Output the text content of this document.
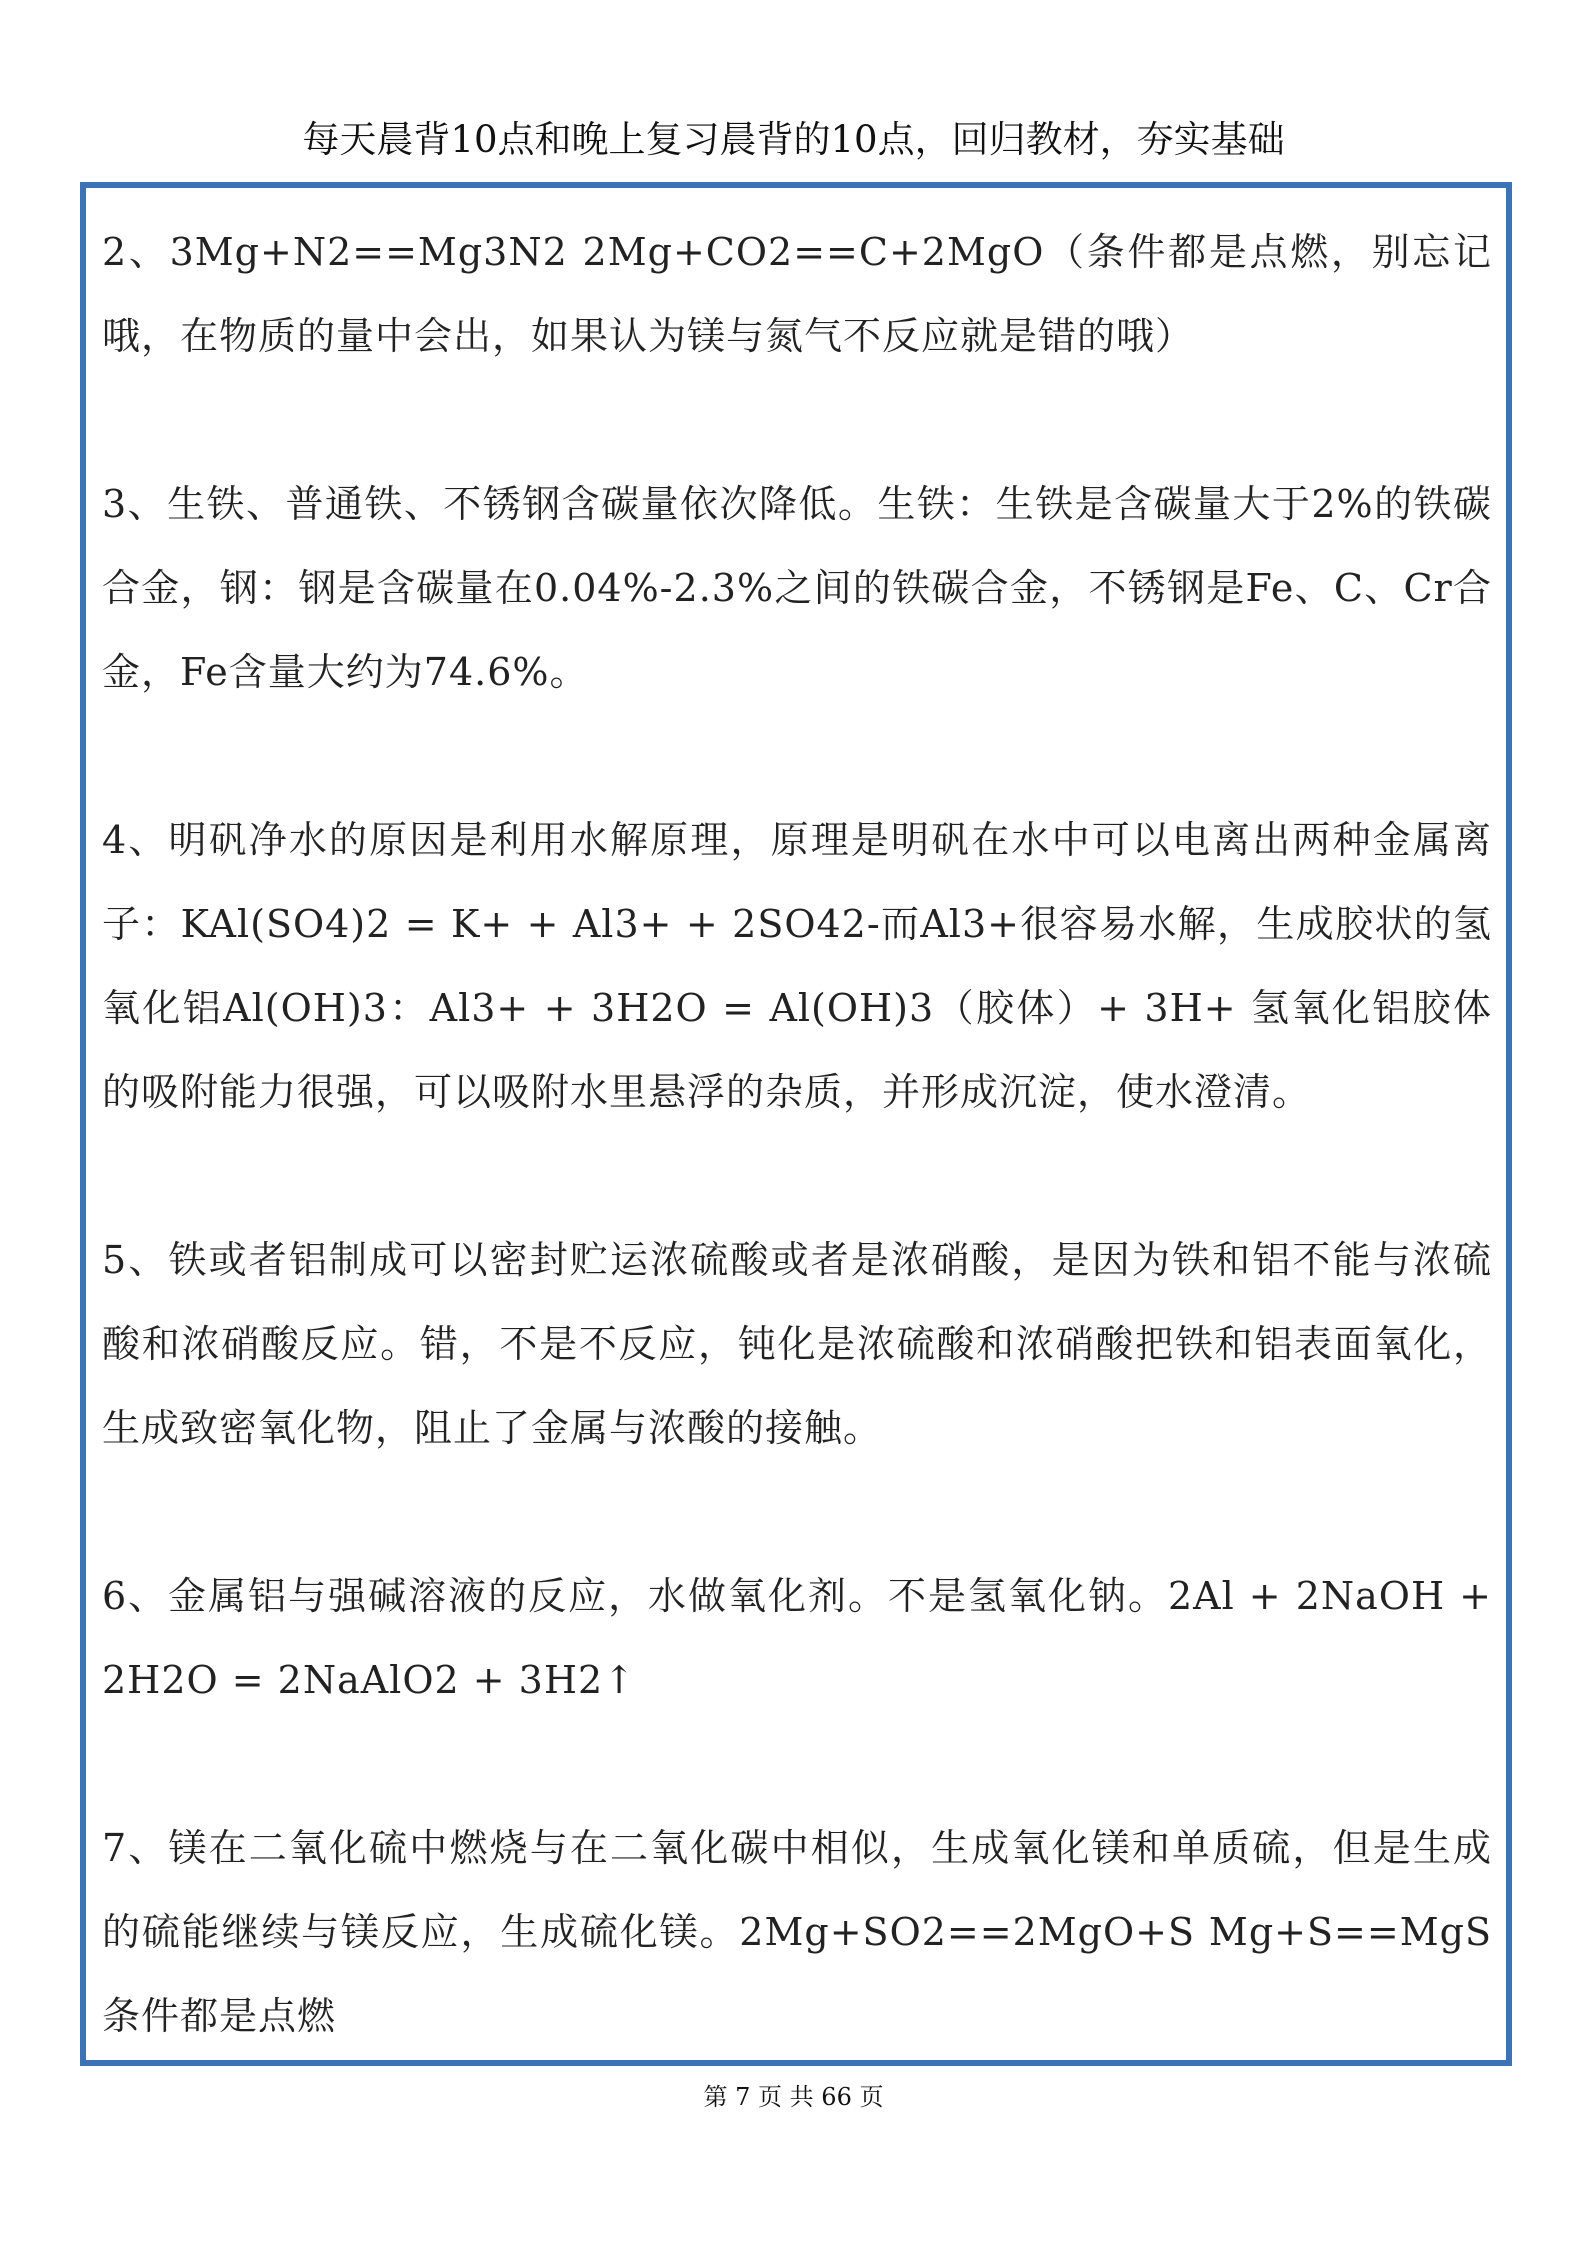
每天晨背10点和晚上复习晨背的10点，回归教材，夯实基础

2、3Mg+N2==Mg3N2 2Mg+CO2==C+2MgO（条件都是点燃，别忘记哦，在物质的量中会出，如果认为镁与氮气不反应就是错的哦）

3、生铁、普通铁、不锈钢含碳量依次降低。生铁：生铁是含碳量大于2%的铁碳合金，钢：钢是含碳量在0.04%-2.3%之间的铁碳合金，不锈钢是Fe、C、Cr合金，Fe含量大约为74.6%。

4、明矾净水的原因是利用水解原理，原理是明矾在水中可以电离出两种金属离子：KAl(SO4)2 = K+ + Al3+ + 2SO42-而Al3+很容易水解，生成胶状的氢氧化铝Al(OH)3：Al3+ + 3H2O = Al(OH)3（胶体）+ 3H+ 氢氧化铝胶体的吸附能力很强，可以吸附水里悬浮的杂质，并形成沉淀，使水澄清。

5、铁或者铝制成可以密封贮运浓硫酸或者是浓硝酸，是因为铁和铝不能与浓硫酸和浓硝酸反应。错，不是不反应，钝化是浓硫酸和浓硝酸把铁和铝表面氧化，生成致密氧化物，阻止了金属与浓酸的接触。

6、金属铝与强碱溶液的反应，水做氧化剂。不是氢氧化钠。2Al + 2NaOH + 2H2O = 2NaAlO2 + 3H2↑

7、镁在二氧化硫中燃烧与在二氧化碳中相似，生成氧化镁和单质硫，但是生成的硫能继续与镁反应，生成硫化镁。2Mg+SO2==2MgO+S Mg+S==MgS 条件都是点燃

第 7 页 共 66 页
